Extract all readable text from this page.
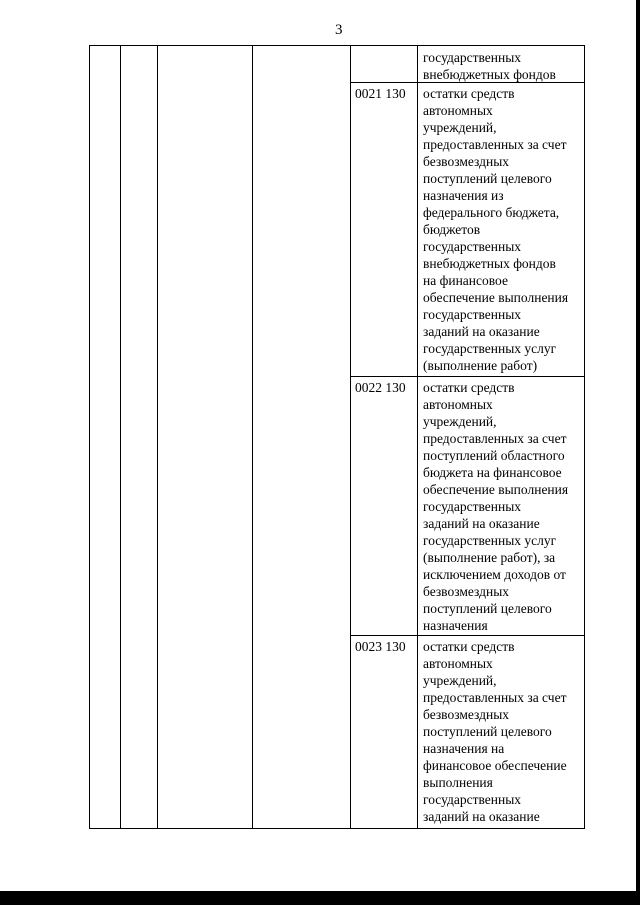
3
государственных
внебюджетных фондов
0021 130	остатки средств
автономных
учреждений,
предоставленных за счет
безвозмездных
поступлений целевого
назначения из
федерального бюджета,
бюджетов
государственных
внебюджетных фондов
на финансовое
обеспечение выполнения
государственных
заданий на оказание
государственных услуг
(выполнение работ)
0022 130	остатки средств
автономных
учреждений,
предоставленных за счет
поступлений областного
бюджета на финансовое
обеспечение выполнения
государственных
заданий на оказание
государственных услуг
(выполнение работ), за
исключением доходов от
безвозмездных
поступлений целевого
назначения
0023 130	остатки средств
автономных
учреждений,
предоставленных за счет
безвозмездных
поступлений целевого
назначения на
финансовое обеспечение
выполнения
государственных
заданий на оказание
